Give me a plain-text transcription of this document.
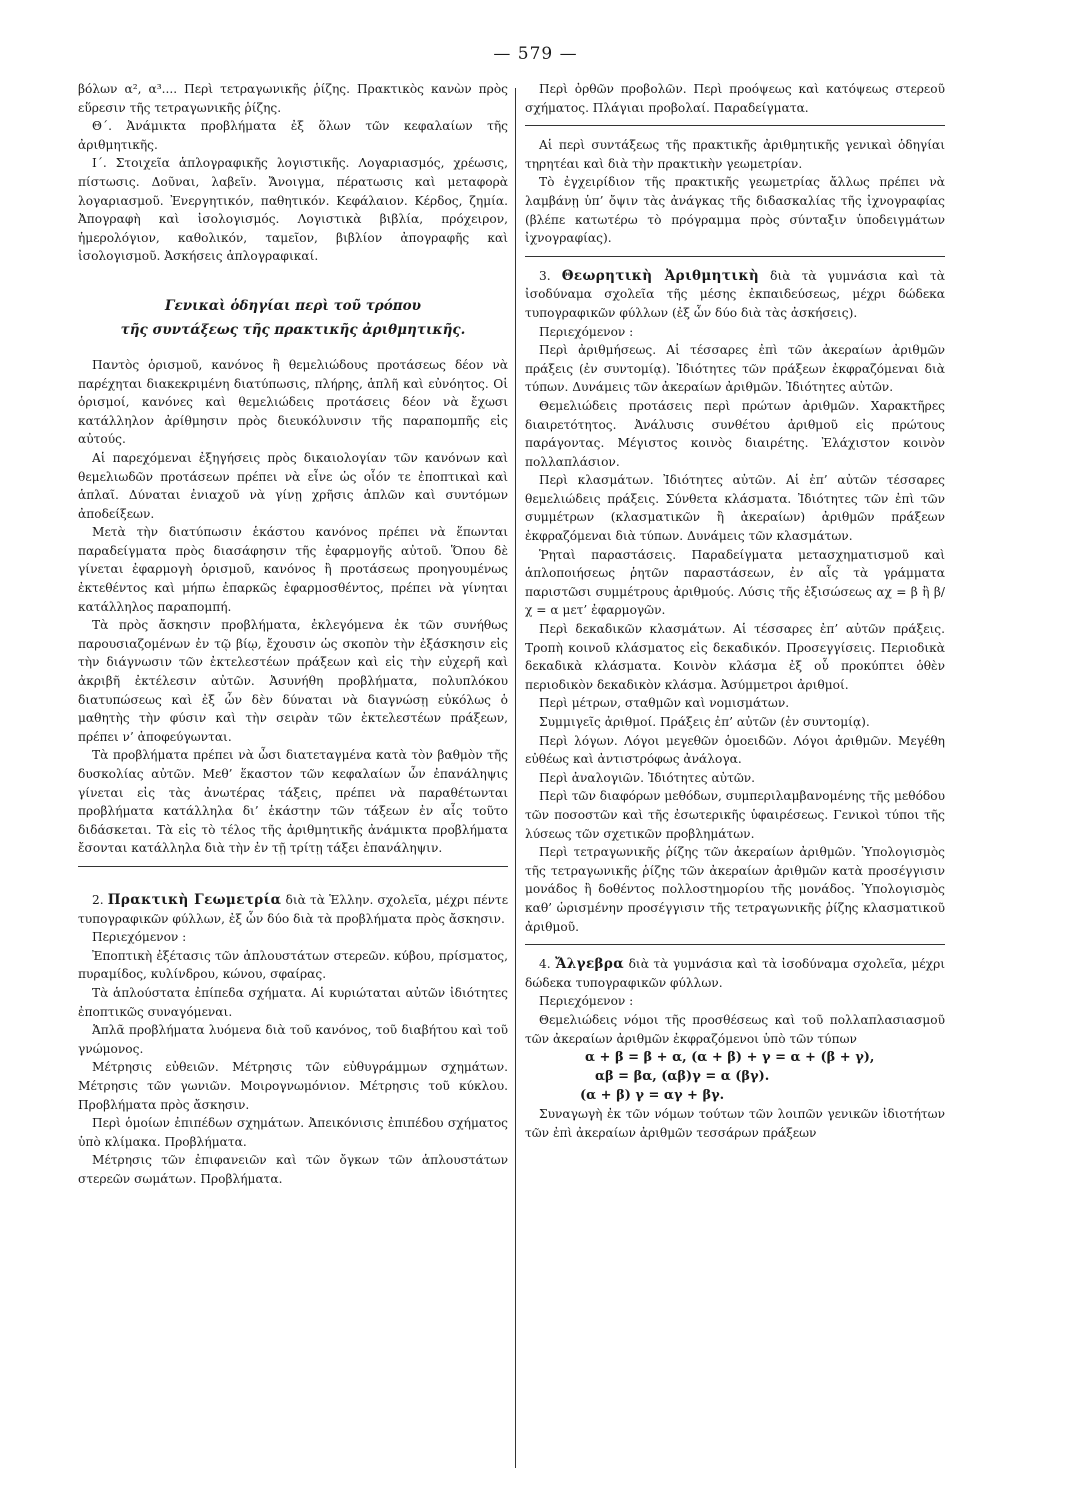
— 579 —

βόλων α², α³.... Περὶ τετραγωνικῆς ῥίζης. Πρακτικὸς κανὼν πρὸς εὕρεσιν τῆς τετραγωνικῆς ῥίζης.

Θ΄. Ἀνάμικτα προβλήματα ἐξ ὅλων τῶν κεφαλαίων τῆς ἀριθμητικῆς.

Ι΄. Στοιχεῖα ἁπλογραφικῆς λογιστικῆς. Λογαριασμός, χρέωσις, πίστωσις. Δοῦναι, λαβεῖν. Ἄνοιγμα, πέρατωσις καὶ μεταφορὰ λογαριασμοῦ. Ἐνεργητικόν, παθητικόν. Κεφάλαιον. Κέρδος, ζημία. Ἀπογραφὴ καὶ ἰσολογισμός. Λογιστικὰ βιβλία, πρόχειρον, ἡμερολόγιον, καθολικόν, ταμεῖον, βιβλίον ἀπογραφῆς καὶ ἰσολογισμοῦ. Ἀσκήσεις ἁπλογραφικαί.

Γενικαὶ ὁδηγίαι περὶ τοῦ τρόπου

τῆς συντάξεως τῆς πρακτικῆς ἀριθμητικῆς.

Παντὸς ὁρισμοῦ, κανόνος ἢ θεμελιώδους προτάσεως δέον νὰ παρέχηται διακεκριμένη διατύπωσις, πλήρης, ἁπλῆ καὶ εὐνόητος. Οἱ ὁρισμοί, κανόνες καὶ θεμελιώδεις προτάσεις δέον νὰ ἔχωσι κατάλληλον ἀρίθμησιν πρὸς διευκόλυνσιν τῆς παραπομπῆς εἰς αὐτούς.

Αἱ παρεχόμεναι ἐξηγήσεις πρὸς δικαιολογίαν τῶν κανόνων καὶ θεμελιωδῶν προτάσεων πρέπει νὰ εἶνε ὡς οἷόν τε ἐποπτικαὶ καὶ ἁπλαῖ. Δύναται ἐνιαχοῦ νὰ γίνῃ χρῆσις ἁπλῶν καὶ συντόμων ἀποδείξεων.

Μετὰ τὴν διατύπωσιν ἑκάστου κανόνος πρέπει νὰ ἕπωνται παραδείγματα πρὸς διασάφησιν τῆς ἐφαρμογῆς αὐτοῦ. Ὅπου δὲ γίνεται ἐφαρμογὴ ὁρισμοῦ, κανόνος ἢ προτάσεως προηγουμένως ἐκτεθέντος καὶ μήπω ἐπαρκῶς ἐφαρμοσθέντος, πρέπει νὰ γίνηται κατάλληλος παραπομπή.

Τὰ πρὸς ἄσκησιν προβλήματα, ἐκλεγόμενα ἐκ τῶν συνήθως παρουσιαζομένων ἐν τῷ βίῳ, ἔχουσιν ὡς σκοπὸν τὴν ἐξάσκησιν εἰς τὴν διάγνωσιν τῶν ἐκτελεστέων πράξεων καὶ εἰς τὴν εὐχερῆ καὶ ἀκριβῆ ἐκτέλεσιν αὐτῶν. Ἀσυνήθη προβλήματα, πολυπλόκου διατυπώσεως καὶ ἐξ ὧν δὲν δύναται νὰ διαγνώσῃ εὐκόλως ὁ μαθητὴς τὴν φύσιν καὶ τὴν σειρὰν τῶν ἐκτελεστέων πράξεων, πρέπει ν’ ἀποφεύγωνται.

Τὰ προβλήματα πρέπει νὰ ὦσι διατεταγμένα κατὰ τὸν βαθμὸν τῆς δυσκολίας αὐτῶν. Μεθ’ ἕκαστον τῶν κεφαλαίων ὧν ἐπανάληψις γίνεται εἰς τὰς ἀνωτέρας τάξεις, πρέπει νὰ παραθέτωνται προβλήματα κατάλληλα δι’ ἑκάστην τῶν τάξεων ἐν αἷς τοῦτο διδάσκεται. Τὰ εἰς τὸ τέλος τῆς ἀριθμητικῆς ἀνάμικτα προβλήματα ἔσονται κατάλληλα διὰ τὴν ἐν τῇ τρίτῃ τάξει ἐπανάληψιν.

2. Πρακτικὴ Γεωμετρία διὰ τὰ Ἑλλην. σχολεῖα, μέχρι πέντε τυπογραφικῶν φύλλων, ἐξ ὧν δύο διὰ τὰ προβλήματα πρὸς ἄσκησιν.

Περιεχόμενον :

Ἐποπτικὴ ἐξέτασις τῶν ἁπλουστάτων στερεῶν. κύβου, πρίσματος, πυραμίδος, κυλίνδρου, κώνου, σφαίρας.

Τὰ ἁπλούστατα ἐπίπεδα σχήματα. Αἱ κυριώταται αὐτῶν ἰδιότητες ἐποπτικῶς συναγόμεναι.

Ἁπλᾶ προβλήματα λυόμενα διὰ τοῦ κανόνος, τοῦ διαβήτου καὶ τοῦ γνώμονος.

Μέτρησις εὐθειῶν. Μέτρησις τῶν εὐθυγράμμων σχημάτων. Μέτρησις τῶν γωνιῶν. Μοιρογνωμόνιον. Μέτρησις τοῦ κύκλου. Προβλήματα πρὸς ἄσκησιν.

Περὶ ὁμοίων ἐπιπέδων σχημάτων. Ἀπεικόνισις ἐπιπέδου σχήματος ὑπὸ κλίμακα. Προβλήματα.

Μέτρησις τῶν ἐπιφανειῶν καὶ τῶν ὄγκων τῶν ἁπλουστάτων στερεῶν σωμάτων. Προβλήματα.

Περὶ ὀρθῶν προβολῶν. Περὶ προόψεως καὶ κατόψεως στερεοῦ σχήματος. Πλάγιαι προβολαί. Παραδείγματα.

Αἱ περὶ συντάξεως τῆς πρακτικῆς ἀριθμητικῆς γενικαὶ ὁδηγίαι τηρητέαι καὶ διὰ τὴν πρακτικὴν γεωμετρίαν.

Τὸ ἐγχειρίδιον τῆς πρακτικῆς γεωμετρίας ἄλλως πρέπει νὰ λαμβάνῃ ὑπ’ ὄψιν τὰς ἀνάγκας τῆς διδασκαλίας τῆς ἰχνογραφίας (βλέπε κατωτέρω τὸ πρόγραμμα πρὸς σύνταξιν ὑποδειγμάτων ἰχνογραφίας).

3. Θεωρητικὴ Ἀριθμητικὴ διὰ τὰ γυμνάσια καὶ τὰ ἰσοδύναμα σχολεῖα τῆς μέσης ἐκπαιδεύσεως, μέχρι δώδεκα τυπογραφικῶν φύλλων (ἐξ ὧν δύο διὰ τὰς ἀσκήσεις).

Περιεχόμενον :

Περὶ ἀριθμήσεως. Αἱ τέσσαρες ἐπὶ τῶν ἀκεραίων ἀριθμῶν πράξεις (ἐν συντομίᾳ). Ἰδιότητες τῶν πράξεων ἐκφραζόμεναι διὰ τύπων. Δυνάμεις τῶν ἀκεραίων ἀριθμῶν. Ἰδιότητες αὐτῶν.

Θεμελιώδεις προτάσεις περὶ πρώτων ἀριθμῶν. Χαρακτῆρες διαιρετότητος. Ἀνάλυσις συνθέτου ἀριθμοῦ εἰς πρώτους παράγοντας. Μέγιστος κοινὸς διαιρέτης. Ἐλάχιστον κοινὸν πολλαπλάσιον.

Περὶ κλασμάτων. Ἰδιότητες αὐτῶν. Αἱ ἐπ’ αὐτῶν τέσσαρες θεμελιώδεις πράξεις. Σύνθετα κλάσματα. Ἰδιότητες τῶν ἐπὶ τῶν συμμέτρων (κλασματικῶν ἢ ἀκεραίων) ἀριθμῶν πράξεων ἐκφραζόμεναι διὰ τύπων. Δυνάμεις τῶν κλασμάτων.

Ῥηταὶ παραστάσεις. Παραδείγματα μετασχηματισμοῦ καὶ ἁπλοποιήσεως ῥητῶν παραστάσεων, ἐν αἷς τὰ γράμματα παριστῶσι συμμέτρους ἀριθμούς. Λύσις τῆς ἐξισώσεως αχ = β ἢ β/χ = α μετ’ ἐφαρμογῶν.

Περὶ δεκαδικῶν κλασμάτων. Αἱ τέσσαρες ἐπ’ αὐτῶν πράξεις. Τροπὴ κοινοῦ κλάσματος εἰς δεκαδικόν. Προσεγγίσεις. Περιοδικὰ δεκαδικὰ κλάσματα. Κοινὸν κλάσμα ἐξ οὗ προκύπτει ὁθὲν περιοδικὸν δεκαδικὸν κλάσμα. Ἀσύμμετροι ἀριθμοί.

Περὶ μέτρων, σταθμῶν καὶ νομισμάτων.

Συμμιγεῖς ἀριθμοί. Πράξεις ἐπ’ αὐτῶν (ἐν συντομίᾳ).

Περὶ λόγων. Λόγοι μεγεθῶν ὁμοειδῶν. Λόγοι ἀριθμῶν. Μεγέθη εὐθέως καὶ ἀντιστρόφως ἀνάλογα.

Περὶ ἀναλογιῶν. Ἰδιότητες αὐτῶν.

Περὶ τῶν διαφόρων μεθόδων, συμπεριλαμβανομένης τῆς μεθόδου τῶν ποσοστῶν καὶ τῆς ἐσωτερικῆς ὑφαιρέσεως. Γενικοὶ τύποι τῆς λύσεως τῶν σχετικῶν προβλημάτων.

Περὶ τετραγωνικῆς ῥίζης τῶν ἀκεραίων ἀριθμῶν. Ὑπολογισμὸς τῆς τετραγωνικῆς ῥίζης τῶν ἀκεραίων ἀριθμῶν κατὰ προσέγγισιν μονάδος ἢ δοθέντος πολλοστημορίου τῆς μονάδος. Ὑπολογισμὸς καθ’ ὡρισμένην προσέγγισιν τῆς τετραγωνικῆς ῥίζης κλασματικοῦ ἀριθμοῦ.

4. Ἄλγεβρα διὰ τὰ γυμνάσια καὶ τὰ ἰσοδύναμα σχολεῖα, μέχρι δώδεκα τυπογραφικῶν φύλλων.

Περιεχόμενον :

Θεμελιώδεις νόμοι τῆς προσθέσεως καὶ τοῦ πολλαπλασιασμοῦ τῶν ἀκεραίων ἀριθμῶν ἐκφραζόμενοι ὑπὸ τῶν τύπων

α + β = β + α, (α + β) + γ = α + (β + γ),

αβ = βα, (αβ)γ = α (βγ).

(α + β) γ = αγ + βγ.

Συναγωγὴ ἐκ τῶν νόμων τούτων τῶν λοιπῶν γενικῶν ἰδιοτήτων τῶν ἐπὶ ἀκεραίων ἀριθμῶν τεσσάρων πράξεων
